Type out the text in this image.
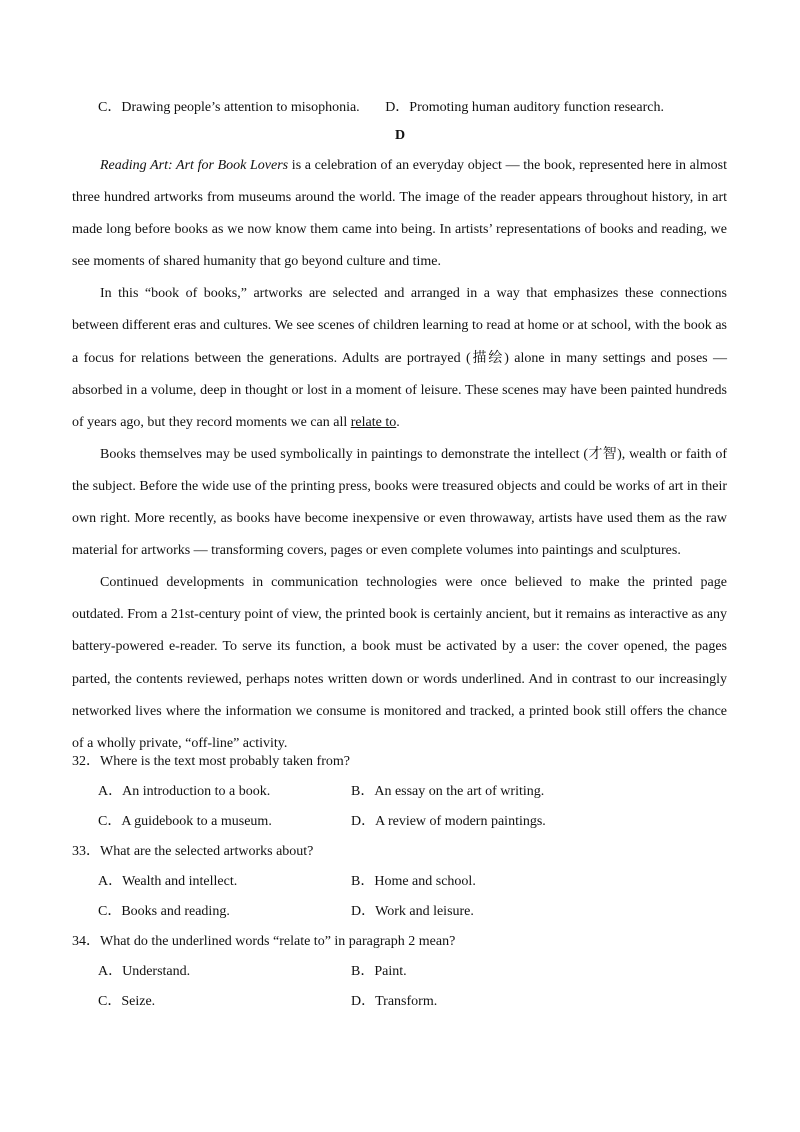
C．Drawing people’s attention to misophonia. D．Promoting human auditory function research.
D

Reading Art: Art for Book Lovers is a celebration of an everyday object — the book, represented here in almost three hundred artworks from museums around the world. The image of the reader appears throughout history, in art made long before books as we now know them came into being. In artists’ representations of books and reading, we see moments of shared humanity that go beyond culture and time.

In this “book of books,” artworks are selected and arranged in a way that emphasizes these connections between different eras and cultures. We see scenes of children learning to read at home or at school, with the book as a focus for relations between the generations. Adults are portrayed (描绘) alone in many settings and poses — absorbed in a volume, deep in thought or lost in a moment of leisure. These scenes may have been painted hundreds of years ago, but they record moments we can all relate to.

Books themselves may be used symbolically in paintings to demonstrate the intellect (才智), wealth or faith of the subject. Before the wide use of the printing press, books were treasured objects and could be works of art in their own right. More recently, as books have become inexpensive or even throwaway, artists have used them as the raw material for artworks — transforming covers, pages or even complete volumes into paintings and sculptures.

Continued developments in communication technologies were once believed to make the printed page outdated. From a 21st-century point of view, the printed book is certainly ancient, but it remains as interactive as any battery-powered e-reader. To serve its function, a book must be activated by a user: the cover opened, the pages parted, the contents reviewed, perhaps notes written down or words underlined. And in contrast to our increasingly networked lives where the information we consume is monitored and tracked, a printed book still offers the chance of a wholly private, “off-line” activity.

32．Where is the text most probably taken from?
A．An introduction to a book.	B．An essay on the art of writing.
C．A guidebook to a museum.	D．A review of modern paintings.
33．What are the selected artworks about?
A．Wealth and intellect.	B．Home and school.
C．Books and reading.	D．Work and leisure.
34．What do the underlined words “relate to” in paragraph 2 mean?
A．Understand.	B．Paint.
C．Seize.	D．Transform.
